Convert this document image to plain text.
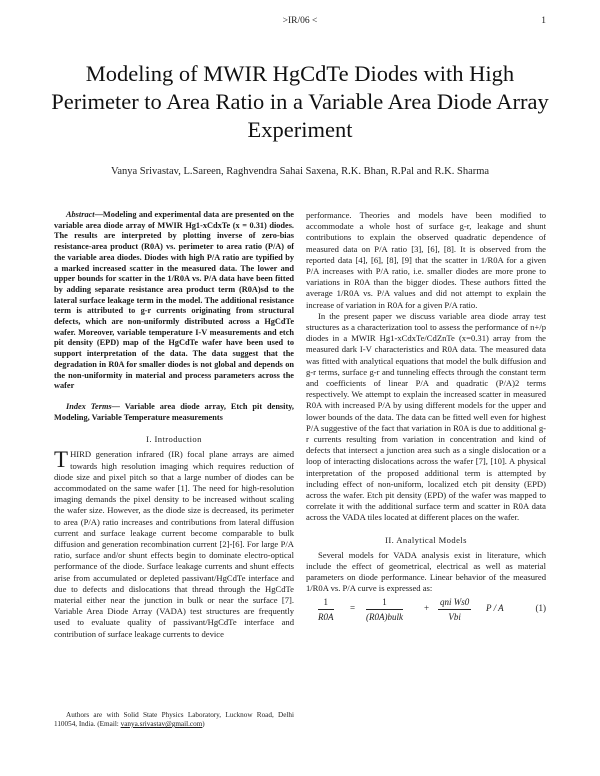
>IR/06 <	1
Modeling of MWIR HgCdTe Diodes with High Perimeter to Area Ratio in a Variable Area Diode Array Experiment
Vanya Srivastav, L.Sareen, Raghvendra Sahai Saxena, R.K. Bhan, R.Pal and R.K. Sharma

Abstract—Modeling and experimental data are presented on the variable area diode array of MWIR Hg1-xCdxTe (x = 0.31) diodes. The results are interpreted by plotting inverse of zero-bias resistance-area product (R0A) vs. perimeter to area ratio (P/A) of the variable area diodes. Diodes with high P/A ratio are typified by a marked increased scatter in the measured data. The lower and upper bounds for scatter in the 1/R0A vs. P/A data have been fitted by adding separate resistance area product term (R0A)sd to the lateral surface leakage term in the model. The additional resistance term is attributed to g-r currents originating from structural defects, which are non-uniformly distributed across a HgCdTe wafer. Moreover, variable temperature I-V measurements and etch pit density (EPD) map of the HgCdTe wafer have been used to support interpretation of the data. The data suggest that the degradation in R0A for smaller diodes is not global and depends on the non-uniformity in material and process parameters across the wafer

Index Terms— Variable area diode array, Etch pit density, Modeling, Variable Temperature measurements

I. Introduction

THIRD generation infrared (IR) focal plane arrays are aimed towards high resolution imaging which requires reduction of diode size and pixel pitch so that a large number of diodes can be accommodated on the same wafer [1]. The need for high-resolution imaging demands the pixel density to be increased without scaling the wafer size. However, as the diode size is decreased, its perimeter to area (P/A) ratio increases and contributions from lateral diffusion current and surface leakage current become comparable to bulk diffusion and generation recombination current [2]-[6]. For large P/A ratio, surface and/or shunt effects begin to dominate electro-optical performance of the diode. Surface leakage currents and shunt effects arise from accumulated or depleted passivant/HgCdTe interface and due to defects and dislocations that thread through the HgCdTe material either near the junction in bulk or near the surface [7]. Variable Area Diode Array (VADA) test structures are frequently used to evaluate quality of passivant/HgCdTe interface and contribution of surface leakage currents to device

performance. Theories and models have been modified to accommodate a whole host of surface g-r, leakage and shunt contributions to explain the observed quadratic dependence of measured data on P/A ratio [3], [6], [8]. It is observed from the reported data [4], [6], [8], [9] that the scatter in 1/R0A for a given P/A increases with P/A ratio, i.e. smaller diodes are more prone to variations in R0A than the bigger diodes. These authors fitted the average 1/R0A vs. P/A values and did not attempt to explain the increase of variation in R0A for a given P/A ratio.

In the present paper we discuss variable area diode array test structures as a characterization tool to assess the performance of n+/p diodes in a MWIR Hg1-xCdxTe/CdZnTe (x=0.31) array from the measured dark I-V characteristics and R0A data. The measured data was fitted with analytical equations that model the bulk diffusion and g-r terms, surface g-r and tunneling effects through the constant term and coefficients of linear P/A and quadratic (P/A)2 terms respectively. We attempt to explain the increased scatter in measured R0A with increased P/A by using different models for the upper and lower bounds of the data. The data can be fitted well even for highest P/A suggestive of the fact that variation in R0A is due to additional g-r currents resulting from variation in concentration and kind of defects that intersect a junction area such as a single dislocation or a loop of interacting dislocations across the wafer [7], [10]. A physical interpretation of the proposed additional term is attempted by including effect of non-uniform, localized etch pit density (EPD) across the wafer. Etch pit density (EPD) of the wafer was mapped to correlate it with the additional surface term and scatter in R0A data across the VADA tiles located at different places on the wafer.

II. Analytical Models

Several models for VADA analysis exist in literature, which include the effect of geometrical, electrical as well as material parameters on diode performance. Linear behavior of the measured 1/R0A vs. P/A curve is expressed as:

$\frac{1}{R0A}$ =
1
(R0A)bulk
+
qni Ws0
Vbi
P / A	(1)
Authors are with Solid State Physics Laboratory, Lucknow Road, Delhi 110054, India. (Email: vanya.srivastav@gmail.com)
